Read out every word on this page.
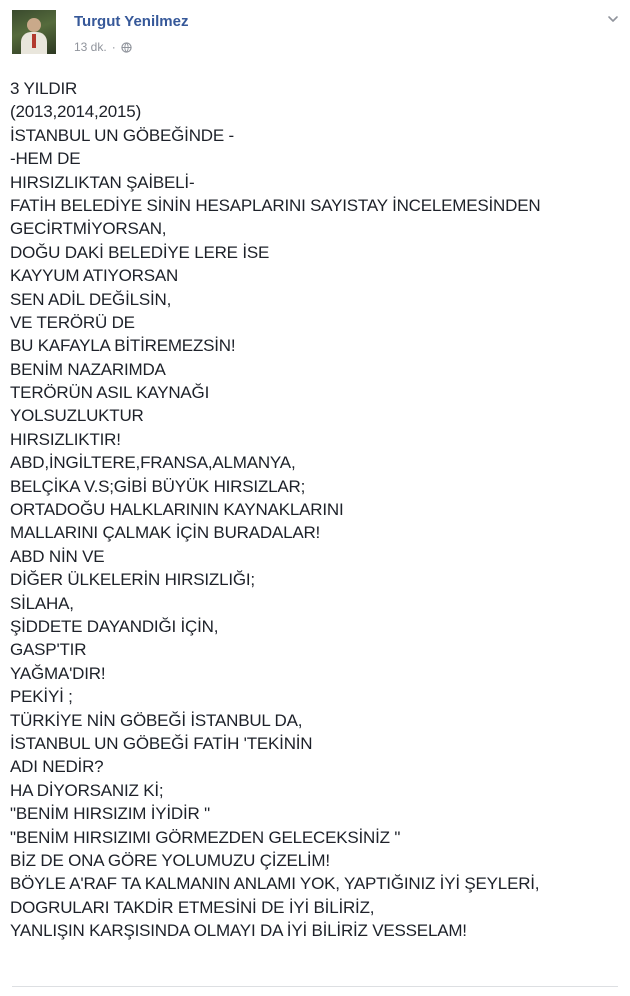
Turgut Yenilmez
13 dk. ·
3 YILDIR
(2013,2014,2015)
İSTANBUL UN GÖBEĞİNDE -
-HEM DE
HIRSIZLIKTAN ŞAİBELİ-
FATİH BELEDİYE SİNİN HESAPLARINI SAYISTAY İNCELEMESİNDEN
GECİRTMİYORSAN,
DOĞU DAKİ BELEDİYE LERE İSE
KAYYUM ATIYORSAN
SEN ADİL DEĞİLSİN,
VE TERÖRÜ DE
BU KAFAYLA BİTİREMEZSİN!
BENİM NAZARIMDA
TERÖRÜN ASIL KAYNAĞI
YOLSUZLUKTUR
HIRSIZLIKTIR!
ABD,İNGİLTERE,FRANSA,ALMANYA,
BELÇİKA V.S;GİBİ BÜYÜK HIRSIZLAR;
ORTADOĞU HALKLARININ KAYNAKLARINI
MALLARINI ÇALMAK İÇİN BURADALAR!
ABD NİN VE
DİĞER ÜLKELERİN HIRSIZLIĞI;
SİLAHA,
ŞİDDETE DAYANDIĞI İÇİN,
GASP'TIR
YAĞMA'DIR!
PEKİYİ ;
TÜRKİYE NİN GÖBEĞİ İSTANBUL DA,
İSTANBUL UN GÖBEĞİ FATİH 'TEKİNİN
ADI NEDİR?
HA DİYORSANIZ Kİ;
"BENİM HIRSIZIM İYİDİR "
"BENİM HIRSIZIMI GÖRMEZDEN GELECEKSİNİZ "
BİZ DE ONA GÖRE YOLUMUZU ÇİZELİM!
BÖYLE A'RAF TA KALMANIN ANLAMI YOK, YAPTIĞINIZ İYİ ŞEYLERİ,
DOGRULARI TAKDİR ETMESİNİ DE İYİ BİLİRİZ,
YANLIŞIN KARŞISINDA OLMAYI DA İYİ BİLİRİZ VESSELAM!
